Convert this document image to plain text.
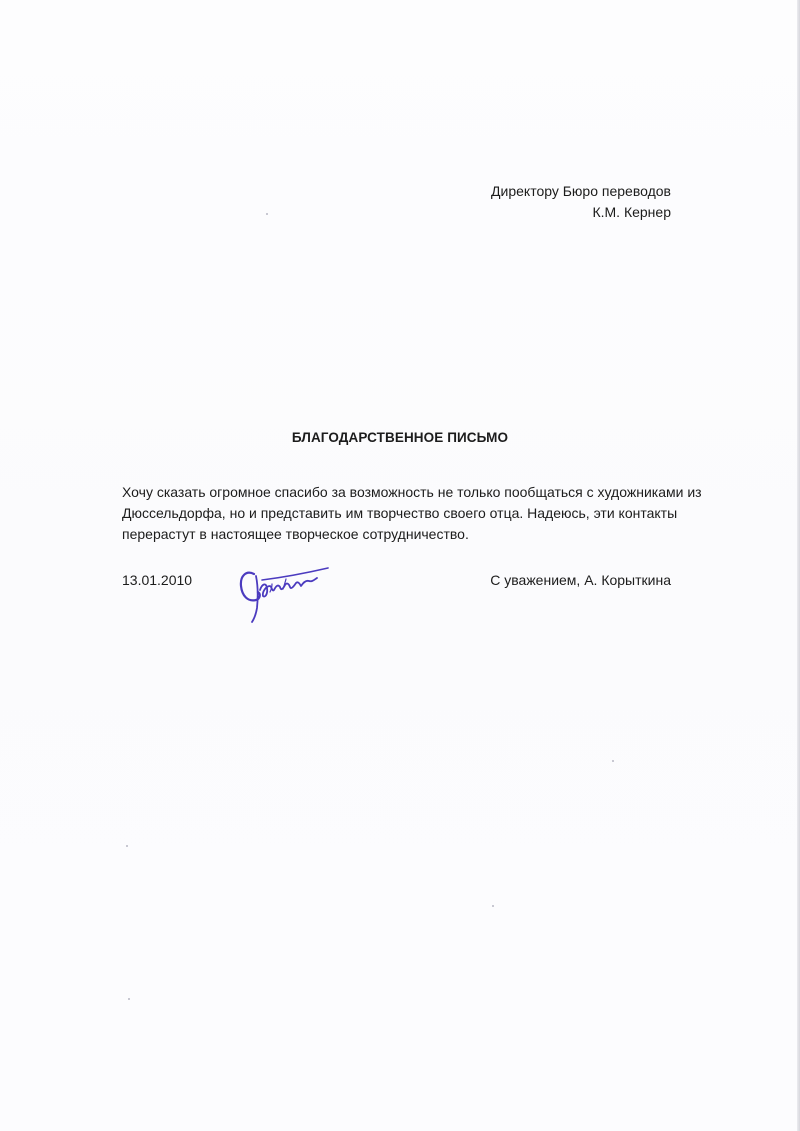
Директору Бюро переводов
К.М. Кернер
БЛАГОДАРСТВЕННОЕ ПИСЬМО
Хочу сказать огромное спасибо за возможность не только пообщаться с художниками из
Дюссельдорфа, но и представить им творчество своего отца. Надеюсь, эти контакты
перерастут в настоящее творческое сотрудничество.
13.01.2010	С уважением, А. Корыткина
